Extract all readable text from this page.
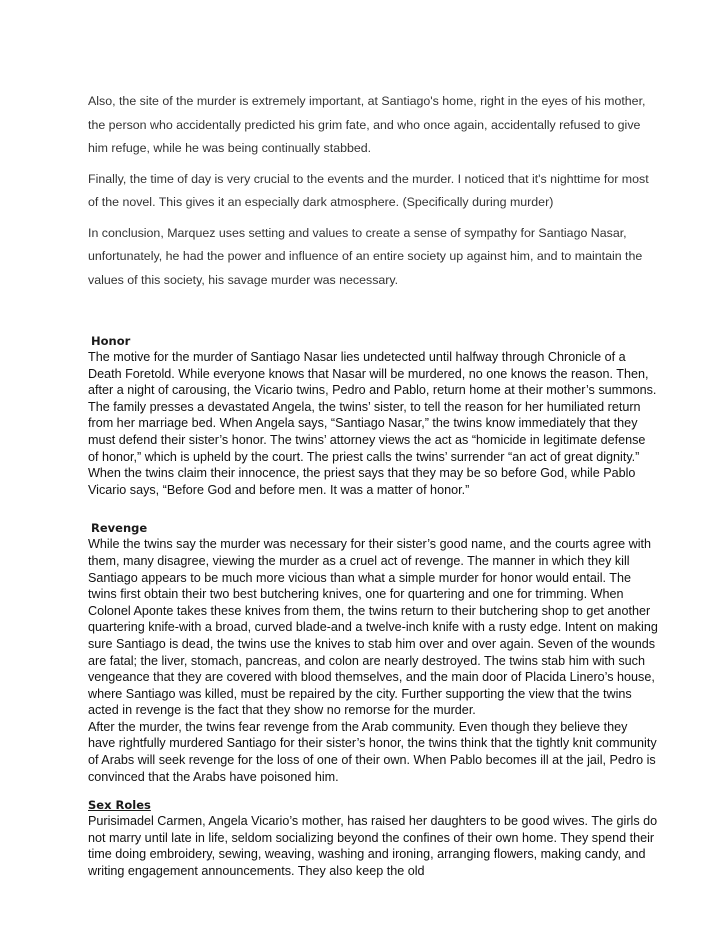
Also, the site of the murder is extremely important, at Santiago's home, right in the eyes of his mother, the person who accidentally predicted his grim fate, and who once again, accidentally refused to give him refuge, while he was being continually stabbed.

Finally, the time of day is very crucial to the events and the murder. I noticed that it's nighttime for most of the novel. This gives it an especially dark atmosphere. (Specifically during murder)

In conclusion, Marquez uses setting and values to create a sense of sympathy for Santiago Nasar, unfortunately, he had the power and influence of an entire society up against him, and to maintain the values of this society, his savage murder was necessary.

Honor

The motive for the murder of Santiago Nasar lies undetected until halfway through Chronicle of a Death Foretold. While everyone knows that Nasar will be murdered, no one knows the reason. Then, after a night of carousing, the Vicario twins, Pedro and Pablo, return home at their mother’s summons. The family presses a devastated Angela, the twins’ sister, to tell the reason for her humiliated return from her marriage bed. When Angela says, “Santiago Nasar,” the twins know immediately that they must defend their sister’s honor. The twins’ attorney views the act as “homicide in legitimate defense of honor,” which is upheld by the court. The priest calls the twins’ surrender “an act of great dignity.” When the twins claim their innocence, the priest says that they may be so before God, while Pablo Vicario says, “Before God and before men. It was a matter of honor.”

Revenge

While the twins say the murder was necessary for their sister’s good name, and the courts agree with them, many disagree, viewing the murder as a cruel act of revenge. The manner in which they kill Santiago appears to be much more vicious than what a simple murder for honor would entail. The twins first obtain their two best butchering knives, one for quartering and one for trimming. When Colonel Aponte takes these knives from them, the twins return to their butchering shop to get another quartering knife-with a broad, curved blade-and a twelve-inch knife with a rusty edge. Intent on making sure Santiago is dead, the twins use the knives to stab him over and over again. Seven of the wounds are fatal; the liver, stomach, pancreas, and colon are nearly destroyed. The twins stab him with such vengeance that they are covered with blood themselves, and the main door of Placida Linero’s house, where Santiago was killed, must be repaired by the city. Further supporting the view that the twins acted in revenge is the fact that they show no remorse for the murder.

After the murder, the twins fear revenge from the Arab community. Even though they believe they have rightfully murdered Santiago for their sister’s honor, the twins think that the tightly knit community of Arabs will seek revenge for the loss of one of their own. When Pablo becomes ill at the jail, Pedro is convinced that the Arabs have poisoned him.

Sex Roles

Purisimadel Carmen, Angela Vicario’s mother, has raised her daughters to be good wives. The girls do not marry until late in life, seldom socializing beyond the confines of their own home. They spend their time doing embroidery, sewing, weaving, washing and ironing, arranging flowers, making candy, and writing engagement announcements. They also keep the old
